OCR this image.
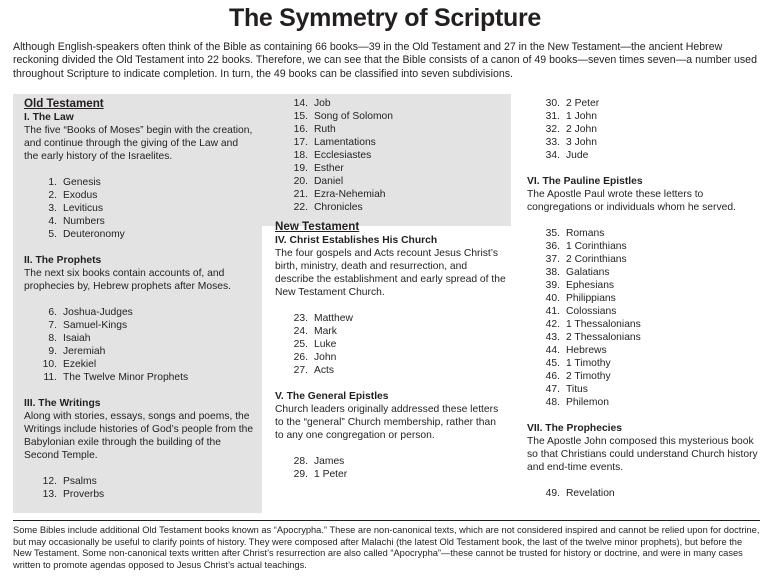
The Symmetry of Scripture
Although English-speakers often think of the Bible as containing 66 books—39 in the Old Testament and 27 in the New Testament—the ancient Hebrew reckoning divided the Old Testament into 22 books. Therefore, we can see that the Bible consists of a canon of 49 books—seven times seven—a number used throughout Scripture to indicate completion. In turn, the 49 books can be classified into seven subdivisions.
Old Testament
I. The Law

The five “Books of Moses” begin with the creation, and continue through the giving of the Law and the early history of the Israelites.

1. Genesis
2. Exodus
3. Leviticus
4. Numbers
5. Deuteronomy
II. The Prophets

The next six books contain accounts of, and prophecies by, Hebrew prophets after Moses.

6. Joshua-Judges
7. Samuel-Kings
8. Isaiah
9. Jeremiah
10. Ezekiel
11. The Twelve Minor Prophets
III. The Writings

Along with stories, essays, songs and poems, the Writings include histories of God’s people from the Babylonian exile through the building of the Second Temple.

12. Psalms
13. Proverbs
14. Job
15. Song of Solomon
16. Ruth
17. Lamentations
18. Ecclesiastes
19. Esther
20. Daniel
21. Ezra-Nehemiah
22. Chronicles
New Testament
IV. Christ Establishes His Church

The four gospels and Acts recount Jesus Christ’s birth, ministry, death and resurrection, and describe the establishment and early spread of the New Testament Church.

23. Matthew
24. Mark
25. Luke
26. John
27. Acts
V. The General Epistles

Church leaders originally addressed these letters to the “general” Church membership, rather than to any one congregation or person.

28. James
29. 1 Peter
30. 2 Peter
31. 1 John
32. 2 John
33. 3 John
34. Jude
VI. The Pauline Epistles

The Apostle Paul wrote these letters to congregations or individuals whom he served.

35. Romans
36. 1 Corinthians
37. 2 Corinthians
38. Galatians
39. Ephesians
40. Philippians
41. Colossians
42. 1 Thessalonians
43. 2 Thessalonians
44. Hebrews
45. 1 Timothy
46. 2 Timothy
47. Titus
48. Philemon
VII. The Prophecies

The Apostle John composed this mysterious book so that Christians could understand Church history and end-time events.

49. Revelation
Some Bibles include additional Old Testament books known as “Apocrypha.” These are non-canonical texts, which are not considered inspired and cannot be relied upon for doctrine, but may occasionally be useful to clarify points of history. They were composed after Malachi (the latest Old Testament book, the last of the twelve minor prophets), but before the New Testament. Some non-canonical texts written after Christ’s resurrection are also called “Apocrypha”—these cannot be trusted for history or doctrine, and were in many cases written to promote agendas opposed to Jesus Christ’s actual teachings.
